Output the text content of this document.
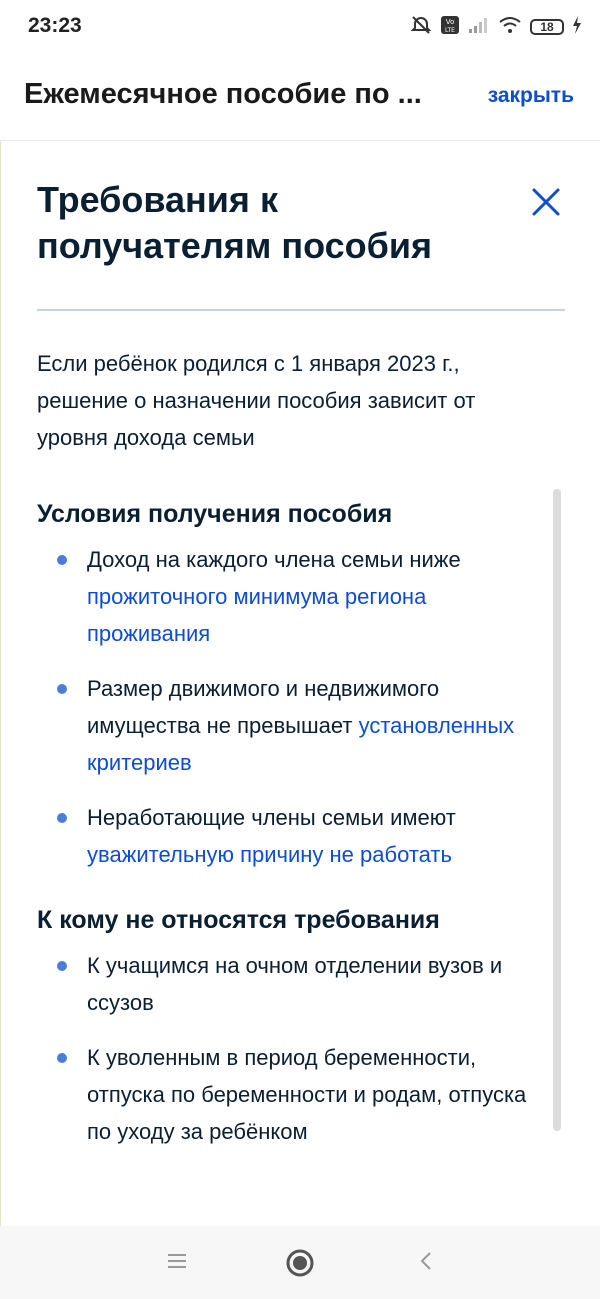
23:23	Vo
LTE	18
Ежемесячное пособие по ...	закрыть
Требования к получателям пособия

Если ребёнок родился с 1 января 2023 г., решение о назначении пособия зависит от уровня дохода семьи

Условия получения пособия
Доход на каждого члена семьи ниже прожиточного минимума региона проживания
Размер движимого и недвижимого имущества не превышает установленных критериев
Неработающие члены семьи имеют уважительную причину не работать
К кому не относятся требования
К учащимся на очном отделении вузов и ссузов
К уволенным в период беременности, отпуска по беременности и родам, отпуска по уходу за ребёнком
